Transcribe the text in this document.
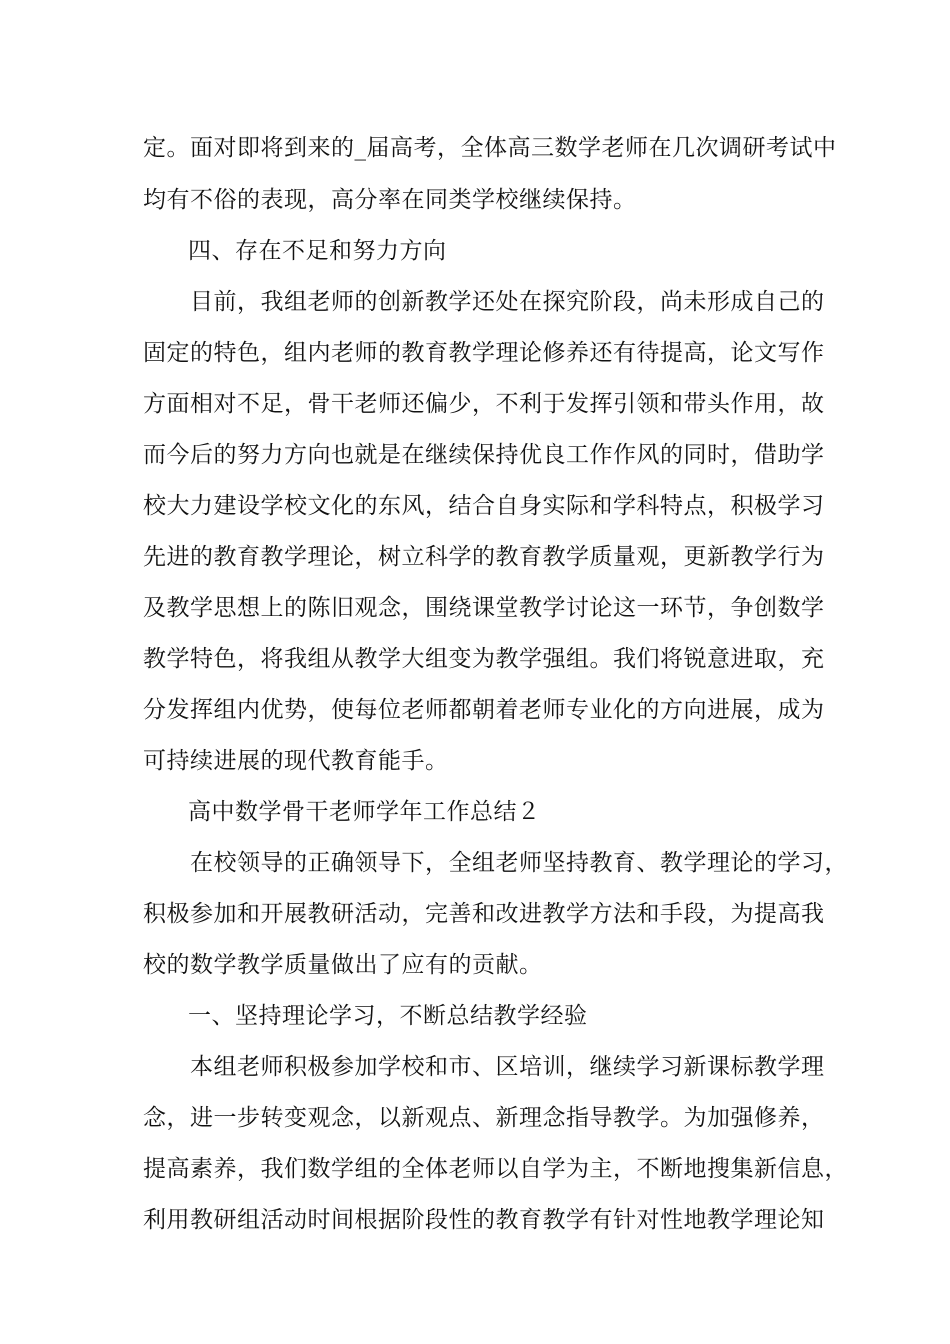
定。面对即将到来的_届高考，全体高三数学老师在几次调研考试中
均有不俗的表现，高分率在同类学校继续保持。
四、存在不足和努力方向
目前，我组老师的创新教学还处在探究阶段，尚未形成自己的
固定的特色，组内老师的教育教学理论修养还有待提高，论文写作
方面相对不足，骨干老师还偏少，不利于发挥引领和带头作用，故
而今后的努力方向也就是在继续保持优良工作作风的同时，借助学
校大力建设学校文化的东风，结合自身实际和学科特点，积极学习
先进的教育教学理论，树立科学的教育教学质量观，更新教学行为
及教学思想上的陈旧观念，围绕课堂教学讨论这一环节，争创数学
教学特色，将我组从教学大组变为教学强组。我们将锐意进取，充
分发挥组内优势，使每位老师都朝着老师专业化的方向进展，成为
可持续进展的现代教育能手。
高中数学骨干老师学年工作总结２
在校领导的正确领导下，全组老师坚持教育、教学理论的学习，
积极参加和开展教研活动，完善和改进教学方法和手段，为提高我
校的数学教学质量做出了应有的贡献。
一、坚持理论学习，不断总结教学经验
本组老师积极参加学校和市、区培训，继续学习新课标教学理
念，进一步转变观念，以新观点、新理念指导教学。为加强修养，
提高素养，我们数学组的全体老师以自学为主，不断地搜集新信息，
利用教研组活动时间根据阶段性的教育教学有针对性地教学理论知
